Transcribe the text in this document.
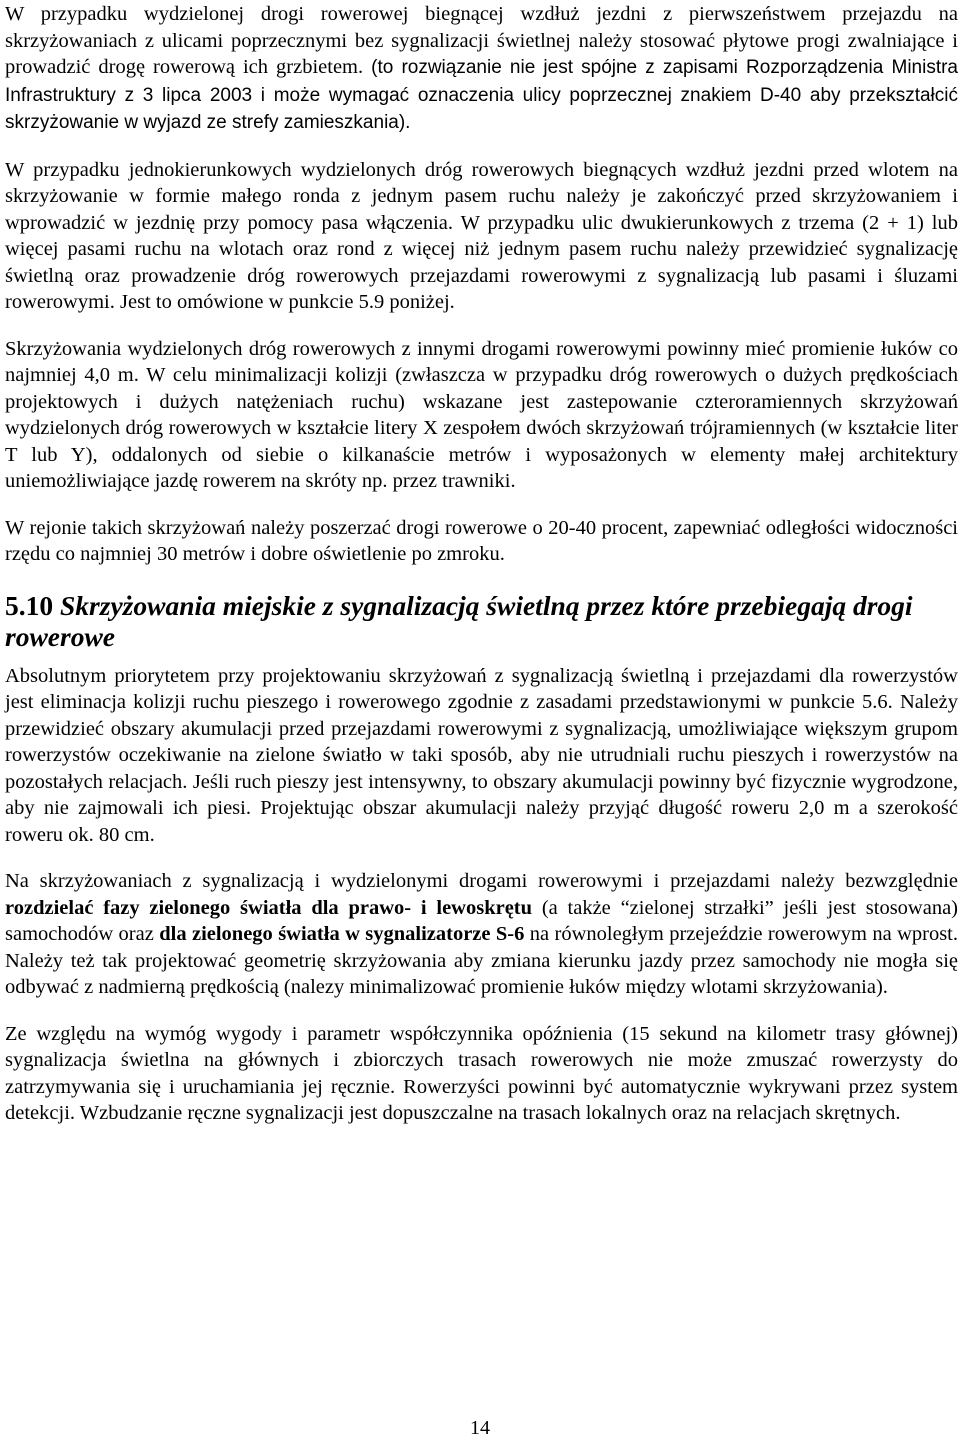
W przypadku wydzielonej drogi rowerowej biegnącej wzdłuż jezdni z pierwszeństwem przejazdu na skrzyżowaniach z ulicami poprzecznymi bez sygnalizacji świetlnej należy stosować płytowe progi zwalniające i prowadzić drogę rowerową ich grzbietem. (to rozwiązanie nie jest spójne z zapisami Rozporządzenia Ministra Infrastruktury z 3 lipca 2003 i może wymagać oznaczenia ulicy poprzecznej znakiem D-40 aby przekształcić skrzyżowanie w wyjazd ze strefy zamieszkania).

W przypadku jednokierunkowych wydzielonych dróg rowerowych biegnących wzdłuż jezdni przed wlotem na skrzyżowanie w formie małego ronda z jednym pasem ruchu należy je zakończyć przed skrzyżowaniem i wprowadzić w jezdnię przy pomocy pasa włączenia. W przypadku ulic dwukierunkowych z trzema (2 + 1) lub więcej pasami ruchu na wlotach oraz rond z więcej niż jednym pasem ruchu należy przewidzieć sygnalizację świetlną oraz prowadzenie dróg rowerowych przejazdami rowerowymi z sygnalizacją lub pasami i śluzami rowerowymi. Jest to omówione w punkcie 5.9 poniżej.

Skrzyżowania wydzielonych dróg rowerowych z innymi drogami rowerowymi powinny mieć promienie łuków co najmniej 4,0 m. W celu minimalizacji kolizji (zwłaszcza w przypadku dróg rowerowych o dużych prędkościach projektowych i dużych natężeniach ruchu) wskazane jest zastepowanie czteroramiennych skrzyżowań wydzielonych dróg rowerowych w kształcie litery X zespołem dwóch skrzyżowań trójramiennych (w kształcie liter T lub Y), oddalonych od siebie o kilkanaście metrów i wyposażonych w elementy małej architektury uniemożliwiające jazdę rowerem na skróty np. przez trawniki.

W rejonie takich skrzyżowań należy poszerzać drogi rowerowe o 20-40 procent, zapewniać odległości widoczności rzędu co najmniej 30 metrów i dobre oświetlenie po zmroku.

5.10 Skrzyżowania miejskie z sygnalizacją świetlną przez które przebiegają drogi rowerowe

Absolutnym priorytetem przy projektowaniu skrzyżowań z sygnalizacją świetlną i przejazdami dla rowerzystów jest eliminacja kolizji ruchu pieszego i rowerowego zgodnie z zasadami przedstawionymi w punkcie 5.6. Należy przewidzieć obszary akumulacji przed przejazdami rowerowymi z sygnalizacją, umożliwiające większym grupom rowerzystów oczekiwanie na zielone światło w taki sposób, aby nie utrudniali ruchu pieszych i rowerzystów na pozostałych relacjach. Jeśli ruch pieszy jest intensywny, to obszary akumulacji powinny być fizycznie wygrodzone, aby nie zajmowali ich piesi. Projektując obszar akumulacji należy przyjąć długość roweru 2,0 m a szerokość roweru ok. 80 cm.

Na skrzyżowaniach z sygnalizacją i wydzielonymi drogami rowerowymi i przejazdami należy bezwzględnie rozdzielać fazy zielonego światła dla prawo- i lewoskrętu (a także “zielonej strzałki” jeśli jest stosowana) samochodów oraz dla zielonego światła w sygnalizatorze S-6 na równoległym przejeździe rowerowym na wprost. Należy też tak projektować geometrię skrzyżowania aby zmiana kierunku jazdy przez samochody nie mogła się odbywać z nadmierną prędkością (nalezy minimalizować promienie łuków między wlotami skrzyżowania).

Ze względu na wymóg wygody i parametr współczynnika opóźnienia (15 sekund na kilometr trasy głównej) sygnalizacja świetlna na głównych i zbiorczych trasach rowerowych nie może zmuszać rowerzysty do zatrzymywania się i uruchamiania jej ręcznie. Rowerzyści powinni być automatycznie wykrywani przez system detekcji. Wzbudzanie ręczne sygnalizacji jest dopuszczalne na trasach lokalnych oraz na relacjach skrętnych.

14
